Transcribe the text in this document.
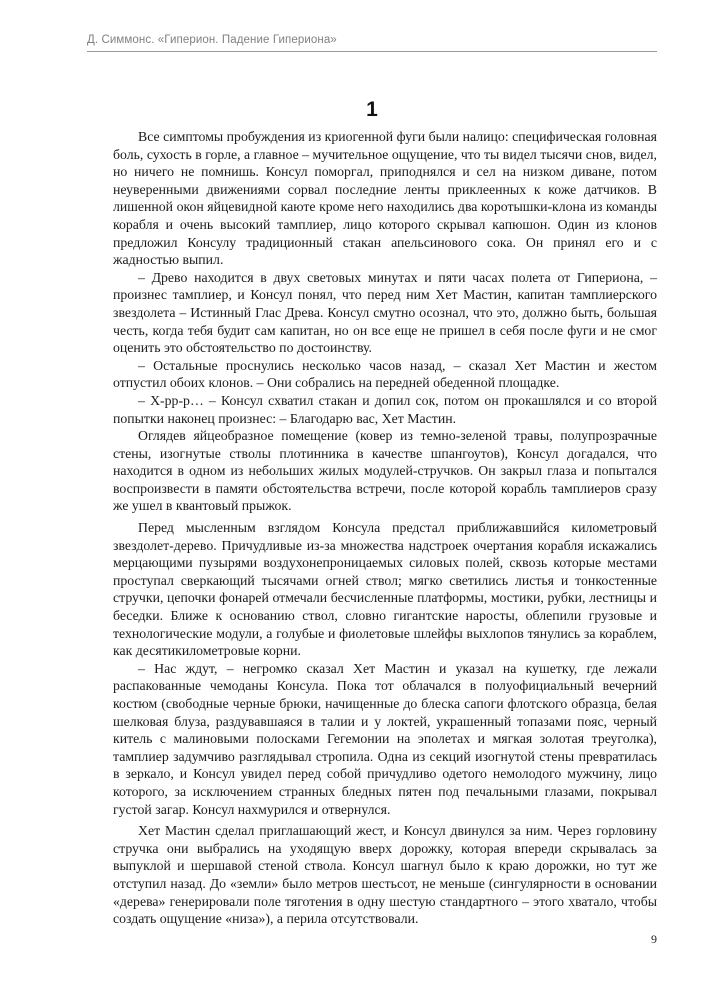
Д. Симмонс. «Гиперион. Падение Гипериона»
1

Все симптомы пробуждения из криогенной фуги были налицо: специфическая головная боль, сухость в горле, а главное – мучительное ощущение, что ты видел тысячи снов, видел, но ничего не помнишь. Консул поморгал, приподнялся и сел на низком диване, потом неуверенными движениями сорвал последние ленты приклеенных к коже датчиков. В лишенной окон яйцевидной каюте кроме него находились два коротышки-клона из команды корабля и очень высокий тамплиер, лицо которого скрывал капюшон. Один из клонов предложил Консулу традиционный стакан апельсинового сока. Он принял его и с жадностью выпил.

– Древо находится в двух световых минутах и пяти часах полета от Гипериона, – произнес тамплиер, и Консул понял, что перед ним Хет Мастин, капитан тамплиерского звездолета – Истинный Глас Древа. Консул смутно осознал, что это, должно быть, большая честь, когда тебя будит сам капитан, но он все еще не пришел в себя после фуги и не смог оценить это обстоятельство по достоинству.

– Остальные проснулись несколько часов назад, – сказал Хет Мастин и жестом отпустил обоих клонов. – Они собрались на передней обеденной площадке.

– Х-рр-р… – Консул схватил стакан и допил сок, потом он прокашлялся и со второй попытки наконец произнес: – Благодарю вас, Хет Мастин.

Оглядев яйцеобразное помещение (ковер из темно-зеленой травы, полупрозрачные стены, изогнутые стволы плотинника в качестве шпангоутов), Консул догадался, что находится в одном из небольших жилых модулей-стручков. Он закрыл глаза и попытался воспроизвести в памяти обстоятельства встречи, после которой корабль тамплиеров сразу же ушел в квантовый прыжок.

Перед мысленным взглядом Консула предстал приближавшийся километровый звездолет-дерево. Причудливые из-за множества надстроек очертания корабля искажались мерцающими пузырями воздухонепроницаемых силовых полей, сквозь которые местами проступал сверкающий тысячами огней ствол; мягко светились листья и тонкостенные стручки, цепочки фонарей отмечали бесчисленные платформы, мостики, рубки, лестницы и беседки. Ближе к основанию ствол, словно гигантские наросты, облепили грузовые и технологические модули, а голубые и фиолетовые шлейфы выхлопов тянулись за кораблем, как десятикилометровые корни.

– Нас ждут, – негромко сказал Хет Мастин и указал на кушетку, где лежали распакованные чемоданы Консула. Пока тот облачался в полуофициальный вечерний костюм (свободные черные брюки, начищенные до блеска сапоги флотского образца, белая шелковая блуза, раздувавшаяся в талии и у локтей, украшенный топазами пояс, черный китель с малиновыми полосками Гегемонии на эполетах и мягкая золотая треуголка), тамплиер задумчиво разглядывал стропила. Одна из секций изогнутой стены превратилась в зеркало, и Консул увидел перед собой причудливо одетого немолодого мужчину, лицо которого, за исключением странных бледных пятен под печальными глазами, покрывал густой загар. Консул нахмурился и отвернулся.

Хет Мастин сделал приглашающий жест, и Консул двинулся за ним. Через горловину стручка они выбрались на уходящую вверх дорожку, которая впереди скрывалась за выпуклой и шершавой стеной ствола. Консул шагнул было к краю дорожки, но тут же отступил назад. До «земли» было метров шестьсот, не меньше (сингулярности в основании «дерева» генерировали поле тяготения в одну шестую стандартного – этого хватало, чтобы создать ощущение «низа»), а перила отсутствовали.

9
